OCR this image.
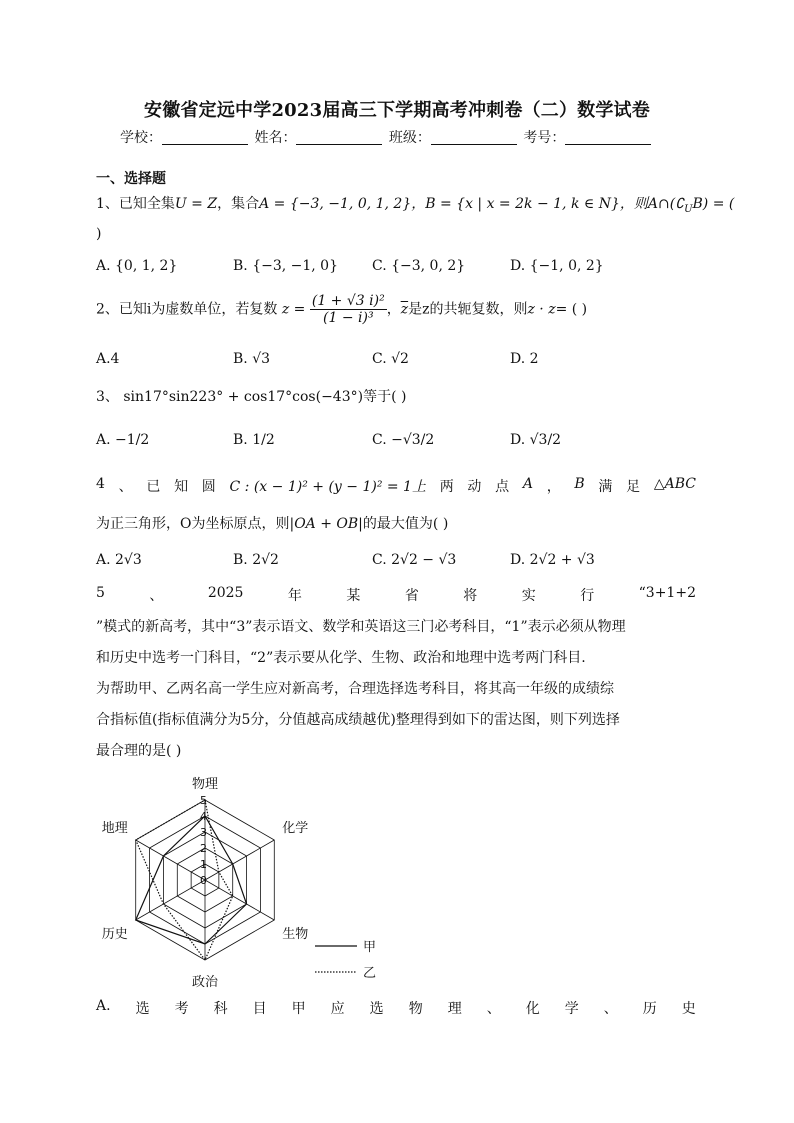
安徽省定远中学2023届高三下学期高考冲刺卷（二）数学试卷
学校：	姓名：	班级：	考号：
一、选择题
1、已知全集U = Z，集合A = {−3, −1, 0, 1, 2}，B = {x | x = 2k − 1, k ∈ N}，则$A\cap(∁_UB)$ = (
)
A. {0, 1, 2}	B. {−3, −1, 0} C. {−3, 0, 2}	D. {−1, 0, 2}
2、已知i为虚数单位，若复数 $z = \frac{\text{(1 + √3 i)²}}{\text{(1 − i)³}}$ ，$\overline{z}$是z的共轭复数，则z · z= ( )
A.4	B. √3	C. √2	D. 2
3、 sin17°sin223° + cos17°cos(−43°)等于( )
A. −1/2	B. 1/2	C. −√3/2	D. √3/2
4 、 已 知 圆 C : (x − 1)² + (y − 1)² = 1上 两 动 点 A ， B 满 足 △ABC
为正三角形，O为坐标原点，则|OA + OB|的最大值为( )
A. 2√3	B. 2√2	C. 2√2 − √3	D. 2√2 + √3
5	、	2025	年	某	省	将	实	行	“3+1+2
”模式的新高考，其中“3”表示语文、数学和英语这三门必考科目，“1”表示必须从物理
和历史中选考一门科目，“2”表示要从化学、生物、政治和地理中选考两门科目.
为帮助甲、乙两名高一学生应对新高考，合理选择选考科目，将其高一年级的成绩综
合指标值(指标值满分为5分，分值越高成绩越优)整理得到如下的雷达图，则下列选择
最合理的是( )
0
1
2
3
4
5
物理
化学
生物
政治
历史
地理
甲
乙
A. 选 考 科 目 甲 应 选 物 理 、 化 学 、 历 史
